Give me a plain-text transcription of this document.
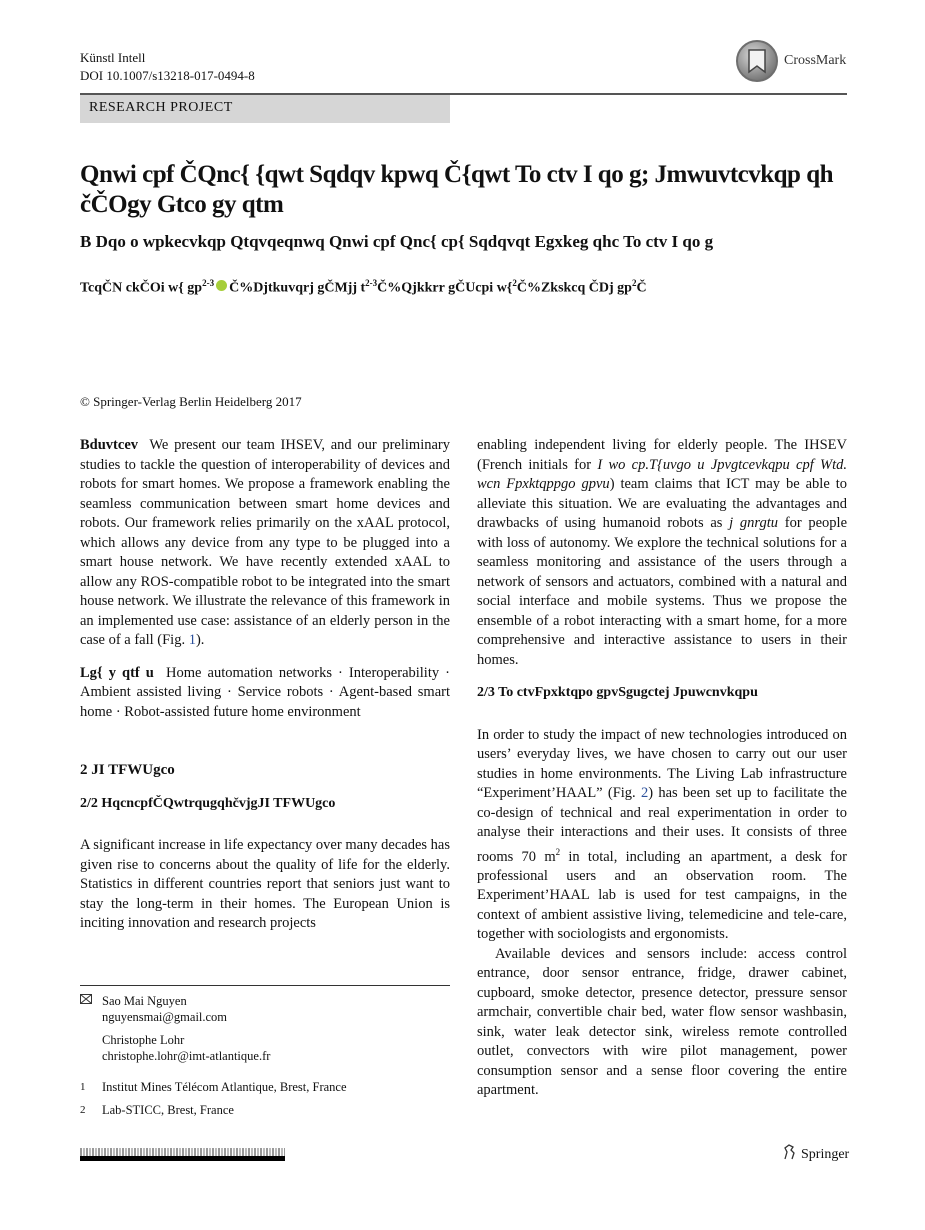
Künstl Intell
DOI 10.1007/s13218-017-0494-8
CrossMark
RESEARCH PROJECT
Qnwi cpf ČQnc{ {qwt Sqdqv kpwq Č{qwt To ctv I qo g; Jmwuvtcvkqp qh čČOgy Gtco gy qtm
B Dqo o wpkecvkqp Qtqvqeqnwq Qnwi cpf Qnc{ cp{ Sqdqvqt Egxkeg qhc To ctv I qo g
TcqČN ckČOi w{ $gp^{2-3}$ Č%Djtkuvqrj gČMjj $t^{2-3}Č\%Qjkkrr$ gČUcpi w{$^2$Č%Zkskcq ČDj $gp^2Č$
© Springer-Verlag Berlin Heidelberg 2017

Bduvtcev We present our team IHSEV, and our preliminary studies to tackle the question of interoperability of devices and robots for smart homes. We propose a framework enabling the seamless communication between smart home devices and robots. Our framework relies primarily on the xAAL protocol, which allows any device from any type to be plugged into a smart house network. We have recently extended xAAL to allow any ROS-compatible robot to be integrated into the smart house network. We illustrate the relevance of this framework in an implemented use case: assistance of an elderly person in the case of a fall (Fig. 1).

Lg{ y qtf u Home automation networks · Interoperability · Ambient assisted living · Service robots · Agent-based smart home · Robot-assisted future home environment

2 JI TFWUgco

2/2 HqcncpfČQwtrqugqhčvjgJI TFWUgco

A significant increase in life expectancy over many decades has given rise to concerns about the quality of life for the elderly. Statistics in different countries report that seniors just want to stay the long-term in their homes. The European Union is inciting innovation and research projects

Sao Mai Nguyen
nguyensmai@gmail.com
Christophe Lohr
christophe.lohr@imt-atlantique.fr
1 Institut Mines Télécom Atlantique, Brest, France
2 Lab-STICC, Brest, France

enabling independent living for elderly people. The IHSEV (French initials for I wo cp.T{uvgo u Jpvgtcevkqpu cpf Wtd. wcn Fpxktqppgo gpvu) team claims that ICT may be able to alleviate this situation. We are evaluating the advantages and drawbacks of using humanoid robots as j gnrgtu for people with loss of autonomy. We explore the technical solutions for a seamless monitoring and assistance of the users through a network of sensors and actuators, combined with a natural and social interface and mobile systems. Thus we propose the ensemble of a robot interacting with a smart home, for a more comprehensive and interactive assistance to users in their homes.

2/3 To ctvFpxktqpo gpvSgugctej Jpuwcnvkqpu

In order to study the impact of new technologies introduced on users’ everyday lives, we have chosen to carry out our user studies in home environments. The Living Lab infrastructure “Experiment’HAAL” (Fig. 2) has been set up to facilitate the co-design of technical and real experimentation in order to analyse their interactions and their uses. It consists of three rooms 70 $m^2$ in total, including an apartment, a desk for professional users and an observation room. The Experiment’HAAL lab is used for test campaigns, in the context of ambient assistive living, telemedicine and tele-care, together with sociologists and ergonomists.

Available devices and sensors include: access control entrance, door sensor entrance, fridge, drawer cabinet, cupboard, smoke detector, presence detector, pressure sensor armchair, convertible chair bed, water flow sensor washbasin, sink, water leak detector sink, wireless remote controlled outlet, convectors with wire pilot management, power consumption sensor and a sense floor covering the entire apartment.

Springer
